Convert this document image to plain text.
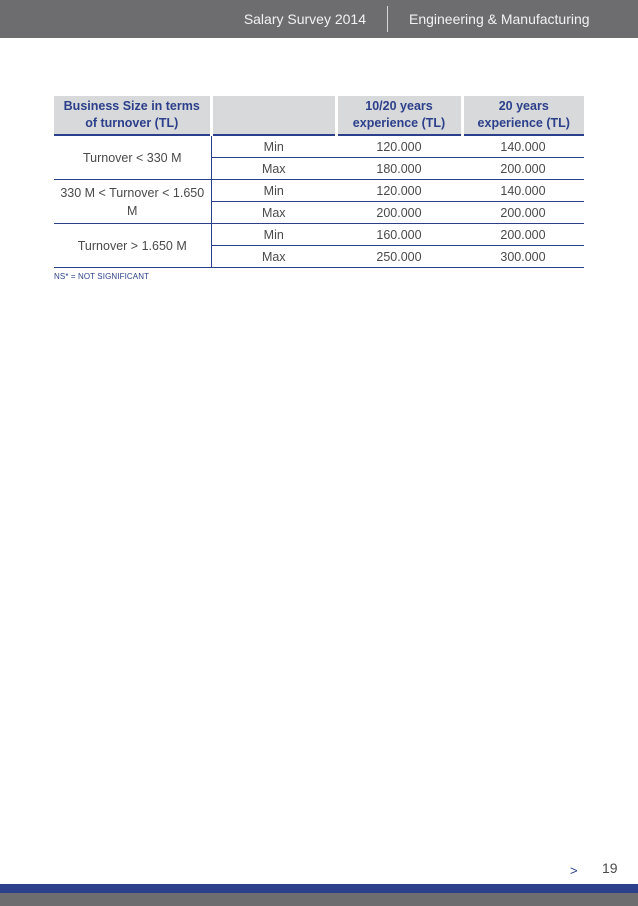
Salary Survey 2014	Engineering & Manufacturing
Business Size in terms of turnover (TL)		10/20 years experience (TL)	20 years experience (TL)
Turnover < 330 M	Min	120.000	140.000
	Max	180.000	200.000
330 M < Turnover < 1.650 M	Min	120.000	140.000
	Max	200.000	200.000
Turnover > 1.650 M	Min	160.000	200.000
	Max	250.000	300.000
NS* = NOT SIGNIFICANT
> 19
